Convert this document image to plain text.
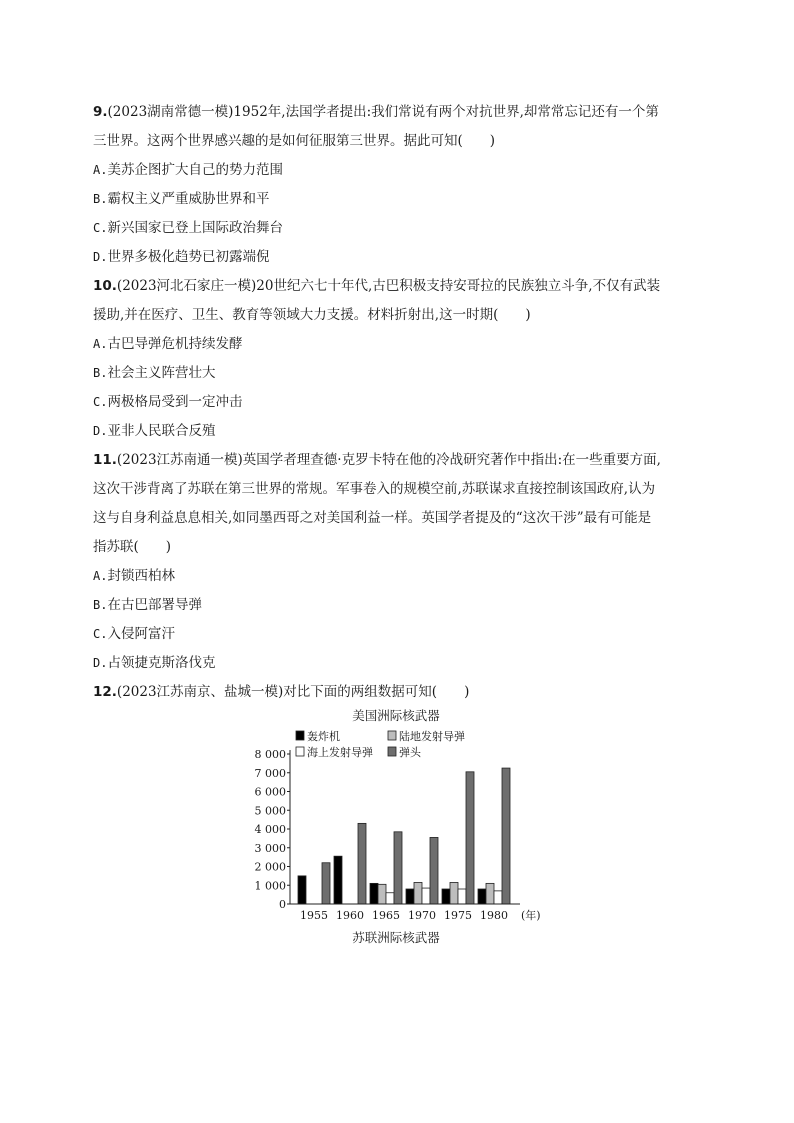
9.(2023湖南常德一模)1952年,法国学者提出:我们常说有两个对抗世界,却常常忘记还有一个第
三世界。这两个世界感兴趣的是如何征服第三世界。据此可知(　　)
A.美苏企图扩大自己的势力范围
B.霸权主义严重威胁世界和平
C.新兴国家已登上国际政治舞台
D.世界多极化趋势已初露端倪
10.(2023河北石家庄一模)20世纪六七十年代,古巴积极支持安哥拉的民族独立斗争,不仅有武装
援助,并在医疗、卫生、教育等领域大力支援。材料折射出,这一时期(　　)
A.古巴导弹危机持续发酵
B.社会主义阵营壮大
C.两极格局受到一定冲击
D.亚非人民联合反殖
11.(2023江苏南通一模)英国学者理查德·克罗卡特在他的冷战研究著作中指出:在一些重要方面,
这次干涉背离了苏联在第三世界的常规。军事卷入的规模空前,苏联谋求直接控制该国政府,认为
这与自身利益息息相关,如同墨西哥之对美国利益一样。英国学者提及的“这次干涉”最有可能是
指苏联(　　)
A.封锁西柏林
B.在古巴部署导弹
C.入侵阿富汗
D.占领捷克斯洛伐克
12.(2023江苏南京、盐城一模)对比下面的两组数据可知(　　)
美国洲际核武器
苏联洲际核武器
0
1 000
2 000
3 000
4 000
5 000
6 000
7 000
8 000
1955 1960 1965 1970 1975 1980 (年)
轰炸机	陆地发射导弹
海上发射导弹 弹头
